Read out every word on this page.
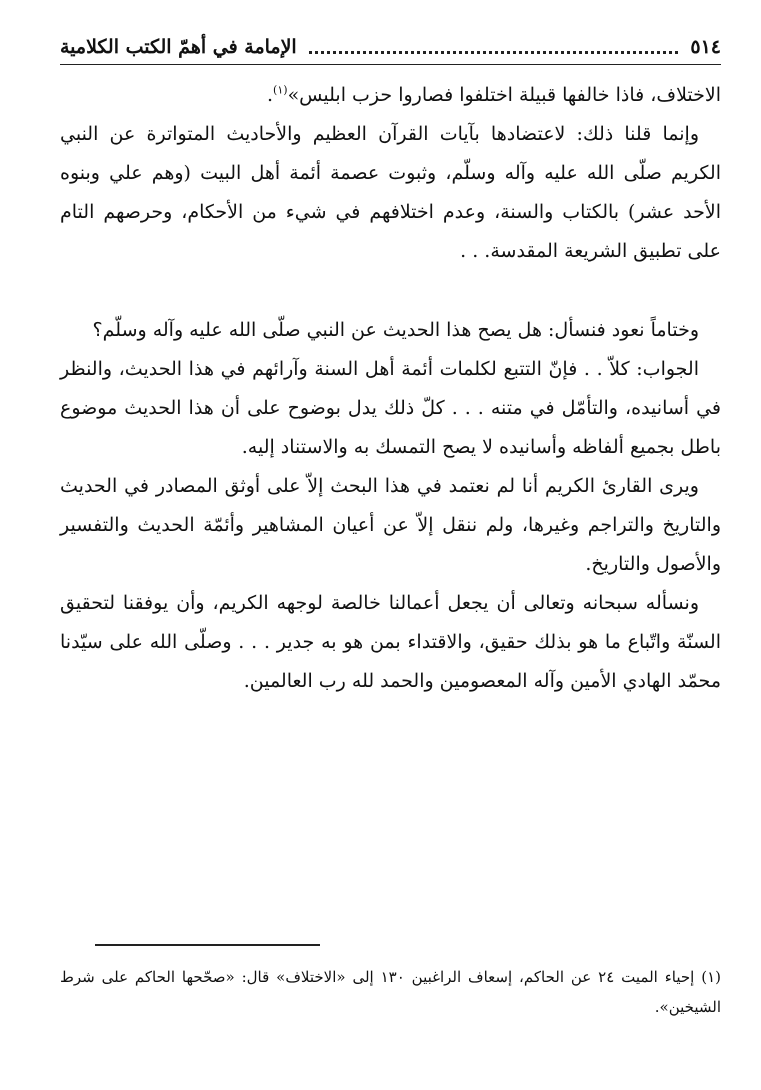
٥١٤
الإمامة في أهمّ الكتب الكلامية

الاختلاف، فاذا خالفها قبيلة اختلفوا فصاروا حزب ابليس»$^{(١)}$.

وإنما قلنا ذلك: لاعتضادها بآيات القرآن العظيم والأحاديث المتواترة عن النبي الكريم صلّى الله عليه وآله وسلّم، وثبوت عصمة أئمة أهل البيت (وهم علي وبنوه الأحد عشر) بالكتاب والسنة، وعدم اختلافهم في شيء من الأحكام، وحرصهم التام على تطبيق الشريعة المقدسة. . .

وختاماً نعود فنسأل: هل يصح هذا الحديث عن النبي صلّى الله عليه وآله وسلّم؟

الجواب: كلاّ . . فإنّ التتبع لكلمات أئمة أهل السنة وآرائهم في هذا الحديث، والنظر في أسانيده، والتأمّل في متنه . . . كلّ ذلك يدل بوضوح على أن هذا الحديث موضوع باطل بجميع ألفاظه وأسانيده لا يصح التمسك به والاستناد إليه.

ويرى القارئ الكريم أنا لم نعتمد في هذا البحث إلاّ على أوثق المصادر في الحديث والتاريخ والتراجم وغيرها، ولم ننقل إلاّ عن أعيان المشاهير وأئمّة الحديث والتفسير والأصول والتاريخ.

ونسأله سبحانه وتعالى أن يجعل أعمالنا خالصة لوجهه الكريم، وأن يوفقنا لتحقيق السنّة واتّباع ما هو بذلك حقيق، والاقتداء بمن هو به جدير . . . وصلّى الله على سيّدنا محمّد الهادي الأمين وآله المعصومين والحمد لله رب العالمين.

(١) إحياء الميت ٢٤ عن الحاكم، إسعاف الراغبين ١٣٠ إلى «الاختلاف» قال: «صحّحها الحاكم على شرط الشيخين».
